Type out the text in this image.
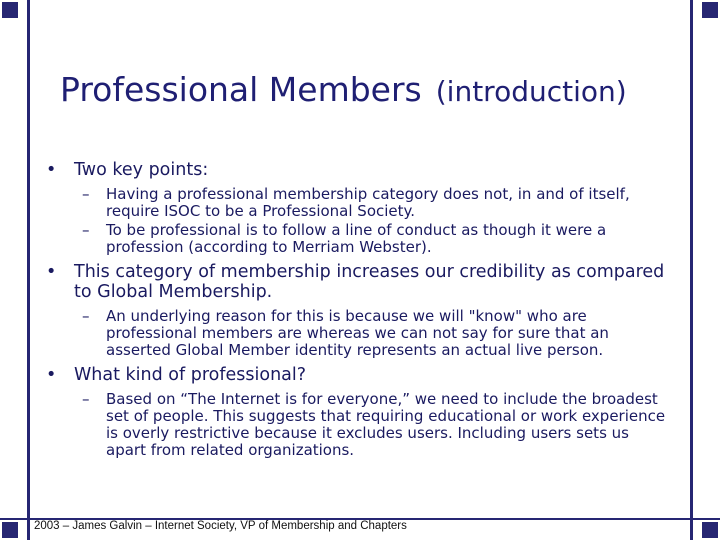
Professional Members (introduction)
• Two key points:
– Having a professional membership category does not, in and of itself, require ISOC to be a Professional Society.
– To be professional is to follow a line of conduct as though it were a profession (according to Merriam Webster).
• This category of membership increases our credibility as compared to Global Membership.
– An underlying reason for this is because we will "know" who are professional members are whereas we can not say for sure that an asserted Global Member identity represents an actual live person.
• What kind of professional?
– Based on “The Internet is for everyone,” we need to include the broadest set of people. This suggests that requiring educational or work experience is overly restrictive because it excludes users. Including users sets us apart from related organizations.
2003 – James Galvin – Internet Society, VP of Membership and Chapters
